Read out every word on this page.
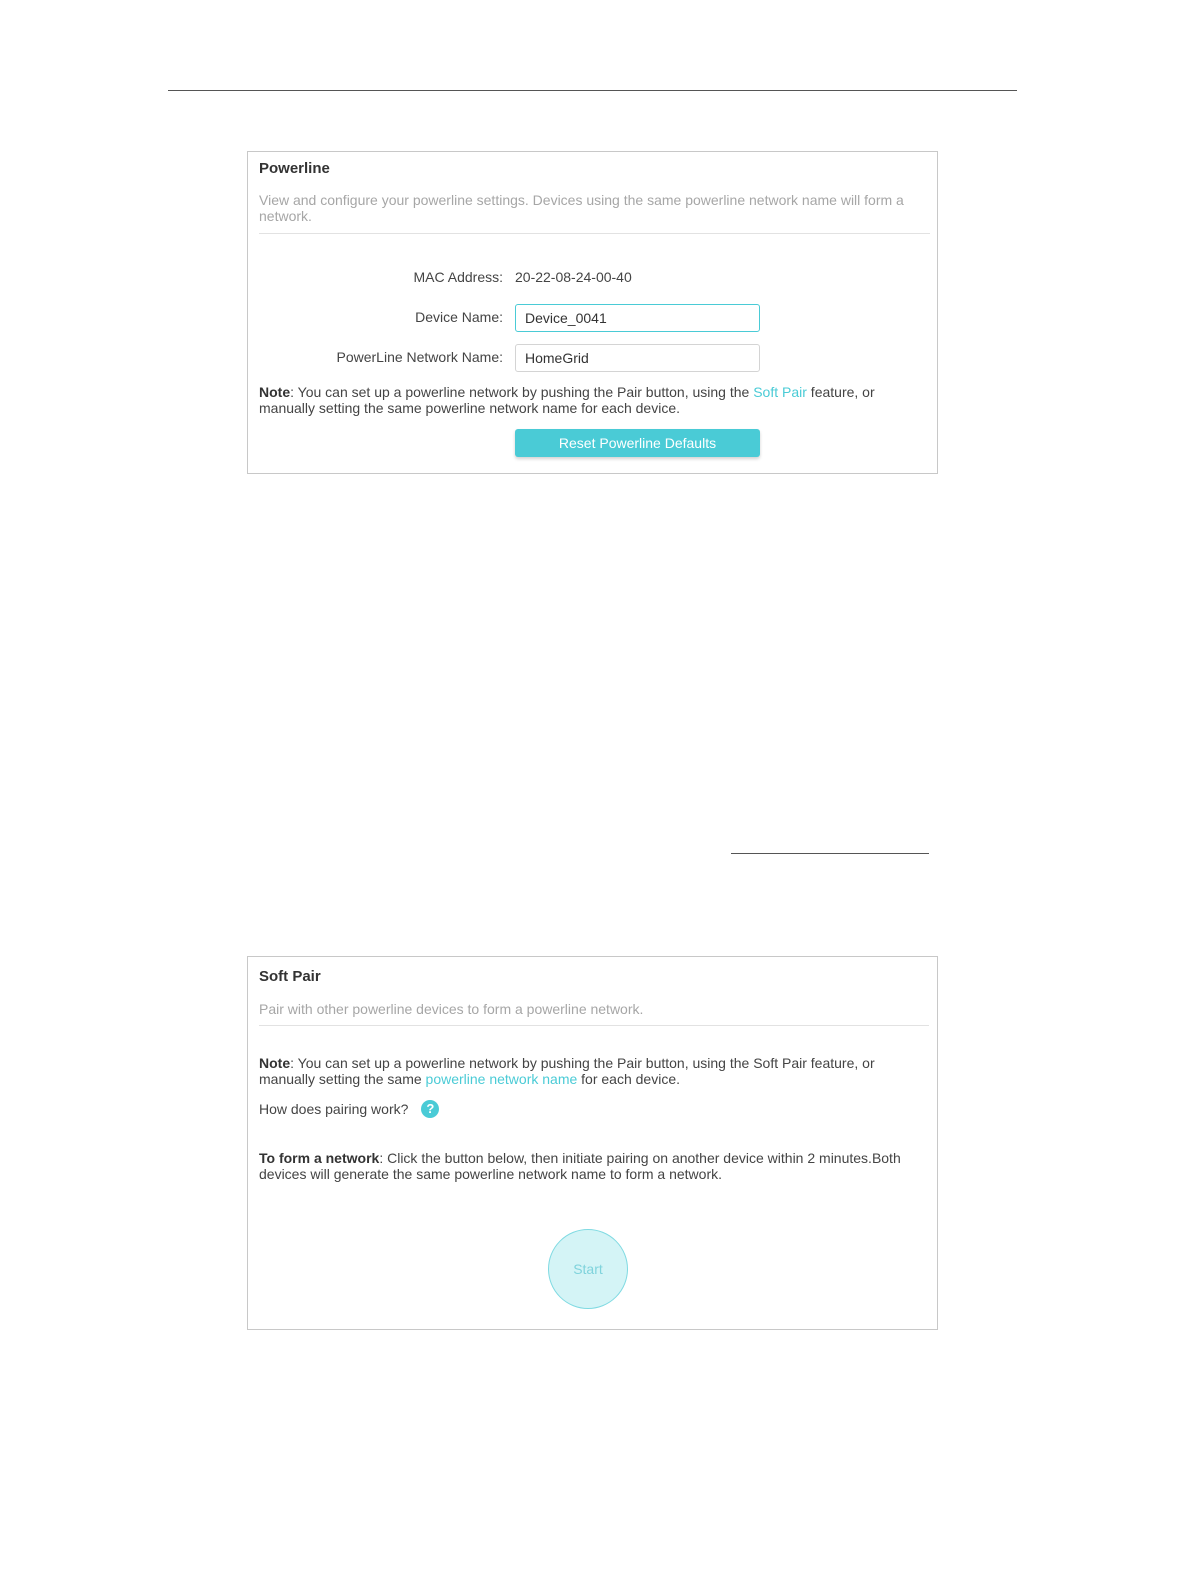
Powerline
View and configure your powerline settings. Devices using the same powerline network name will form a network.
MAC Address: 20-22-08-24-00-40
Device Name:
Device_0041
PowerLine Network Name:
HomeGrid
Note: You can set up a powerline network by pushing the Pair button, using the Soft Pair feature, or manually setting the same powerline network name for each device.
Reset Powerline Defaults
Soft Pair
Pair with other powerline devices to form a powerline network.
Note: You can set up a powerline network by pushing the Pair button, using the Soft Pair feature, or manually setting the same powerline network name for each device.
How does pairing work?	?
To form a network: Click the button below, then initiate pairing on another device within 2 minutes.Both devices will generate the same powerline network name to form a network.
Start
